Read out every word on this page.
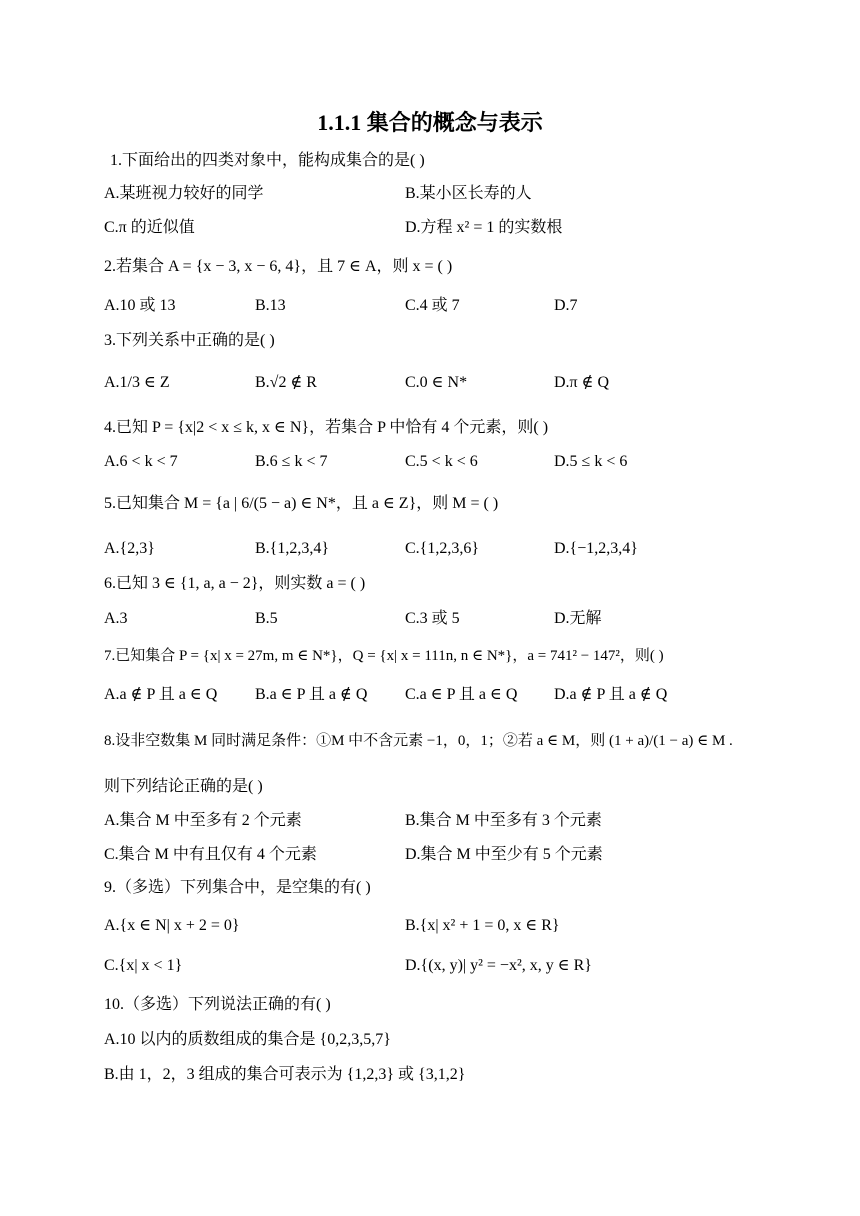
1.1.1 集合的概念与表示
1.下面给出的四类对象中，能构成集合的是( )
A.某班视力较好的同学	B.某小区长寿的人
C.π 的近似值	D.方程 x² = 1 的实数根
2.若集合 A = {x − 3, x − 6, 4}，且 7 ∈ A，则 x = ( )
A.10 或 13	B.13	C.4 或 7	D.7
3.下列关系中正确的是( )
A.1/3 ∈ Z	B.√2 ∉ R	C.0 ∈ N*	D.π ∉ Q
4.已知 P = {x|2 < x ≤ k, x ∈ N}，若集合 P 中恰有 4 个元素，则( )
A.6 < k < 7	B.6 ≤ k < 7	C.5 < k < 6	D.5 ≤ k < 6
5.已知集合 M = {a | 6/(5 − a) ∈ N*，且 a ∈ Z}，则 M = ( )
A.{2,3}	B.{1,2,3,4}	C.{1,2,3,6}	D.{−1,2,3,4}
6.已知 3 ∈ {1, a, a − 2}，则实数 a = ( )
A.3	B.5	C.3 或 5	D.无解
7.已知集合 P = {x| x = 27m, m ∈ N*}，Q = {x| x = 111n, n ∈ N*}，a = 741² − 147²，则( )
A.a ∉ P 且 a ∈ Q B.a ∈ P 且 a ∉ Q C.a ∈ P 且 a ∈ Q D.a ∉ P 且 a ∉ Q
8.设非空数集 M 同时满足条件：①M 中不含元素 −1，0，1；②若 a ∈ M，则 (1 + a)/(1 − a) ∈ M .
则下列结论正确的是( )
A.集合 M 中至多有 2 个元素	B.集合 M 中至多有 3 个元素
C.集合 M 中有且仅有 4 个元素	D.集合 M 中至少有 5 个元素
9.（多选）下列集合中，是空集的有( )
A.{x ∈ N| x + 2 = 0}	B.{x| x² + 1 = 0, x ∈ R}
C.{x| x < 1}	D.{(x, y)| y² = −x², x, y ∈ R}
10.（多选）下列说法正确的有( )
A.10 以内的质数组成的集合是 {0,2,3,5,7}
B.由 1，2，3 组成的集合可表示为 {1,2,3} 或 {3,1,2}
